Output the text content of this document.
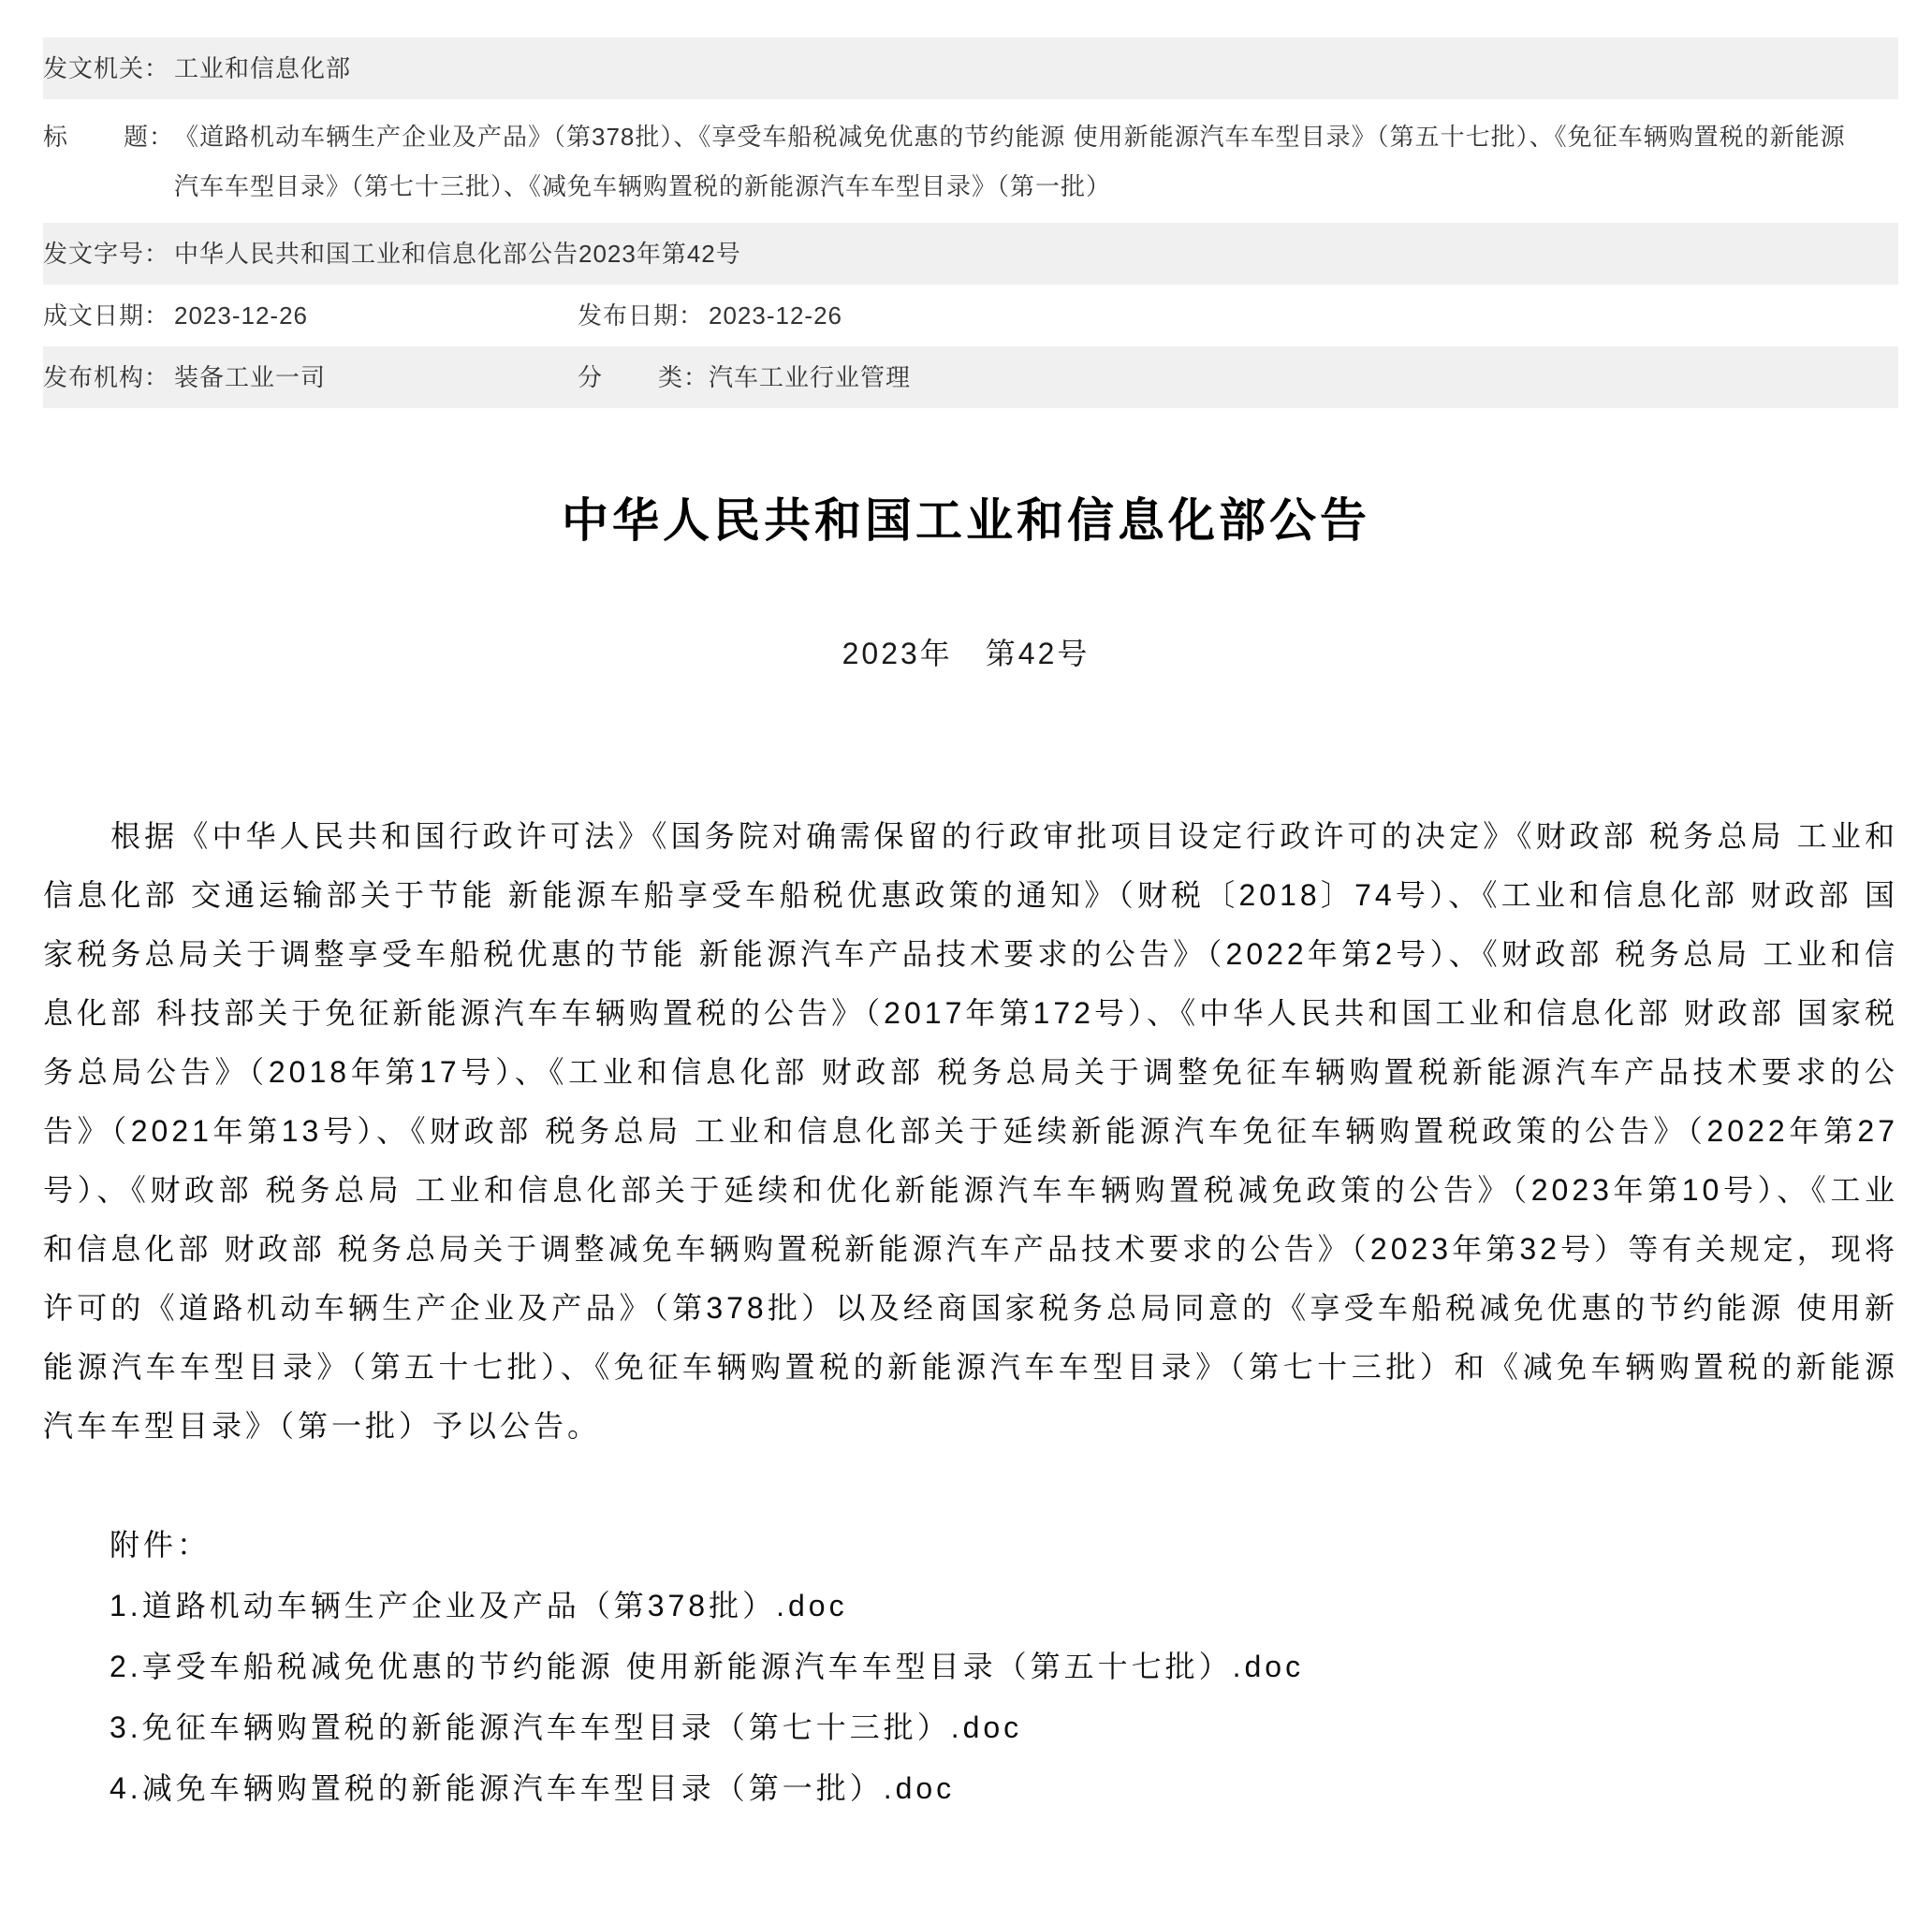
发文机关： 工业和信息化部
标 题： 《道路机动车辆生产企业及产品》（第378批）、《享受车船税减免优惠的节约能源 使用新能源汽车车型目录》（第五十七批）、《免征车辆购置税的新能源汽车车型目录》（第七十三批）、《减免车辆购置税的新能源汽车车型目录》（第一批）
发文字号： 中华人民共和国工业和信息化部公告2023年第42号
成文日期： 2023-12-26	发布日期： 2023-12-26
发布机构： 装备工业一司	分 类： 汽车工业行业管理
中华人民共和国工业和信息化部公告
2023年　第42号

根据《中华人民共和国行政许可法》《国务院对确需保留的行政审批项目设定行政许可的决定》《财政部 税务总局 工业和信息化部 交通运输部关于节能 新能源车船享受车船税优惠政策的通知》（财税〔2018〕74号）、《工业和信息化部 财政部 国家税务总局关于调整享受车船税优惠的节能 新能源汽车产品技术要求的公告》（2022年第2号）、《财政部 税务总局 工业和信息化部 科技部关于免征新能源汽车车辆购置税的公告》（2017年第172号）、《中华人民共和国工业和信息化部 财政部 国家税务总局公告》（2018年第17号）、《工业和信息化部 财政部 税务总局关于调整免征车辆购置税新能源汽车产品技术要求的公告》（2021年第13号）、《财政部 税务总局 工业和信息化部关于延续新能源汽车免征车辆购置税政策的公告》（2022年第27号）、《财政部 税务总局 工业和信息化部关于延续和优化新能源汽车车辆购置税减免政策的公告》（2023年第10号）、《工业和信息化部 财政部 税务总局关于调整减免车辆购置税新能源汽车产品技术要求的公告》（2023年第32号）等有关规定，现将许可的《道路机动车辆生产企业及产品》（第378批）以及经商国家税务总局同意的《享受车船税减免优惠的节约能源 使用新能源汽车车型目录》（第五十七批）、《免征车辆购置税的新能源汽车车型目录》（第七十三批）和《减免车辆购置税的新能源汽车车型目录》（第一批）予以公告。

附件：
1.道路机动车辆生产企业及产品（第378批）.doc
2.享受车船税减免优惠的节约能源 使用新能源汽车车型目录（第五十七批）.doc
3.免征车辆购置税的新能源汽车车型目录（第七十三批）.doc
4.减免车辆购置税的新能源汽车车型目录（第一批）.doc
